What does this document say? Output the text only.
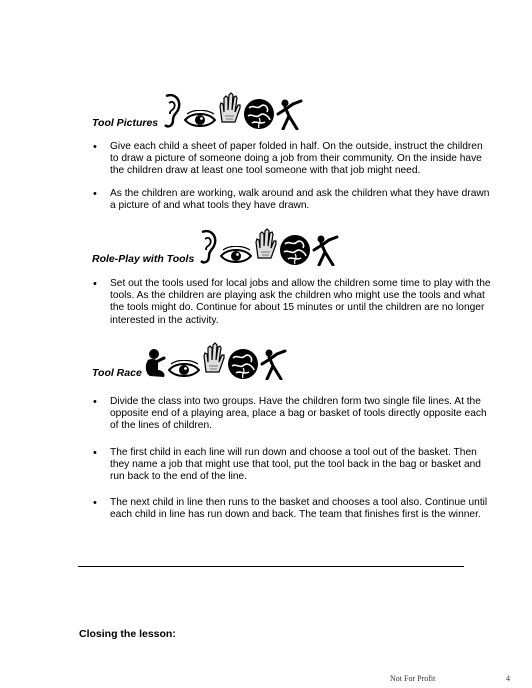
Tool Pictures
• Give each child a sheet of paper folded in half. On the outside, instruct the children to draw a picture of someone doing a job from their community. On the inside have the children draw at least one tool someone with that job might need.
• As the children are working, walk around and ask the children what they have drawn a picture of and what tools they have drawn.
Role-Play with Tools
• Set out the tools used for local jobs and allow the children some time to play with the tools. As the children are playing ask the children who might use the tools and what the tools might do. Continue for about 15 minutes or until the children are no longer interested in the activity.
Tool Race
• Divide the class into two groups. Have the children form two single file lines. At the opposite end of a playing area, place a bag or basket of tools directly opposite each of the lines of children.
• The first child in each line will run down and choose a tool out of the basket. Then they name a job that might use that tool, put the tool back in the bag or basket and run back to the end of the line.
• The next child in line then runs to the basket and chooses a tool also. Continue until each child in line has run down and back. The team that finishes first is the winner.
Closing the lesson:
Not For Profit	4
